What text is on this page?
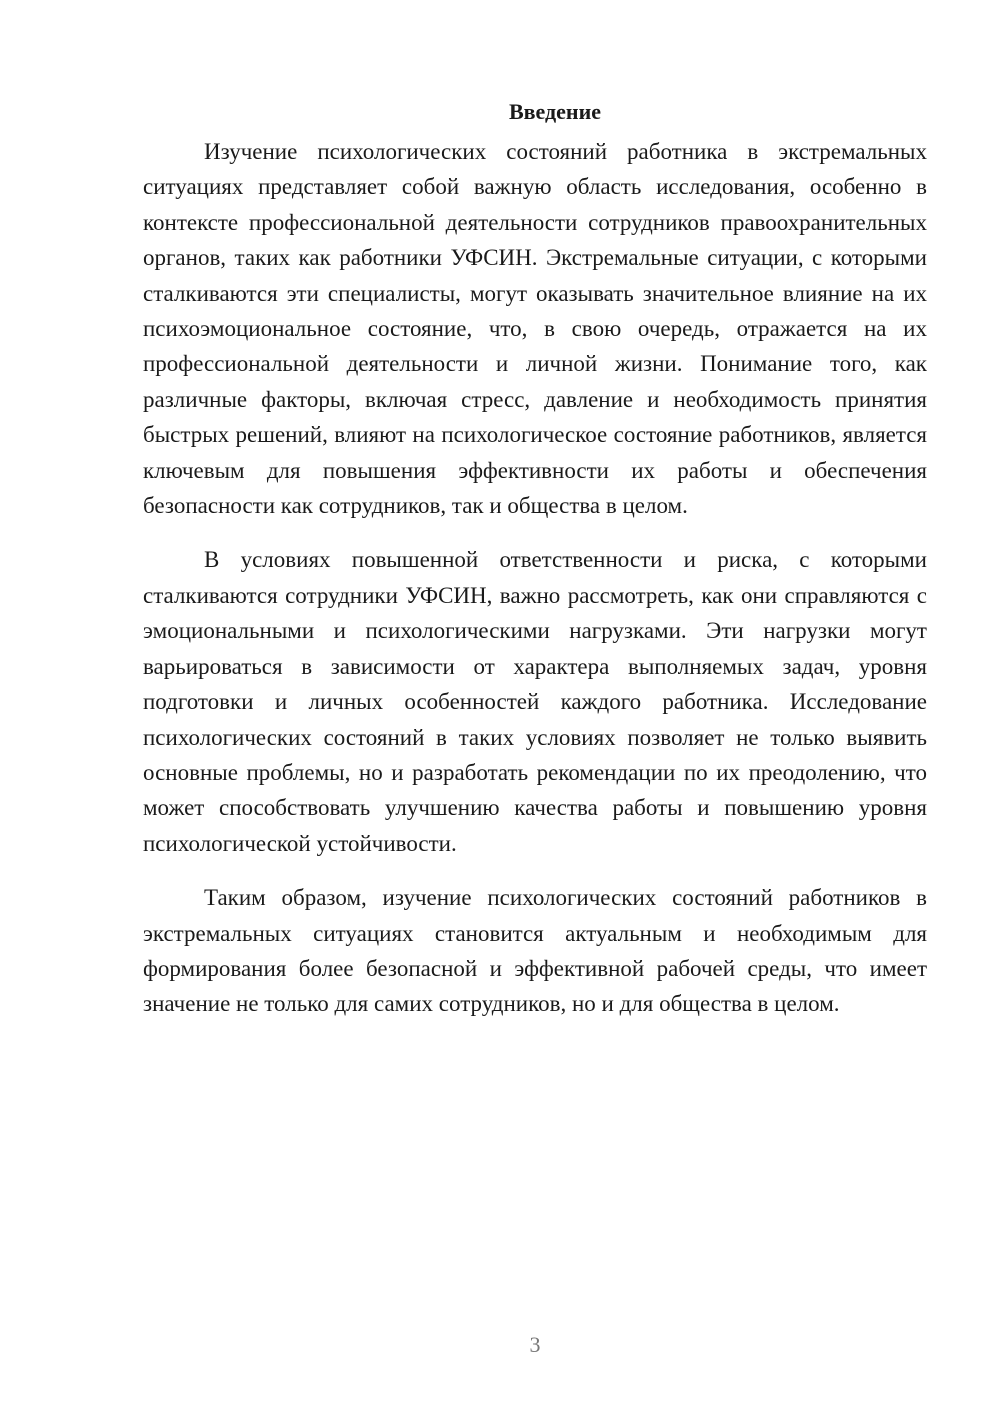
Введение

Изучение психологических состояний работника в экстремальных ситуациях представляет собой важную область исследования, особенно в контексте профессиональной деятельности сотрудников правоохранительных органов, таких как работники УФСИН. Экстремальные ситуации, с которыми сталкиваются эти специалисты, могут оказывать значительное влияние на их психоэмоциональное состояние, что, в свою очередь, отражается на их профессиональной деятельности и личной жизни. Понимание того, как различные факторы, включая стресс, давление и необходимость принятия быстрых решений, влияют на психологическое состояние работников, является ключевым для повышения эффективности их работы и обеспечения безопасности как сотрудников, так и общества в целом.

В условиях повышенной ответственности и риска, с которыми сталкиваются сотрудники УФСИН, важно рассмотреть, как они справляются с эмоциональными и психологическими нагрузками. Эти нагрузки могут варьироваться в зависимости от характера выполняемых задач, уровня подготовки и личных особенностей каждого работника. Исследование психологических состояний в таких условиях позволяет не только выявить основные проблемы, но и разработать рекомендации по их преодолению, что может способствовать улучшению качества работы и повышению уровня психологической устойчивости.

Таким образом, изучение психологических состояний работников в экстремальных ситуациях становится актуальным и необходимым для формирования более безопасной и эффективной рабочей среды, что имеет значение не только для самих сотрудников, но и для общества в целом.

3
